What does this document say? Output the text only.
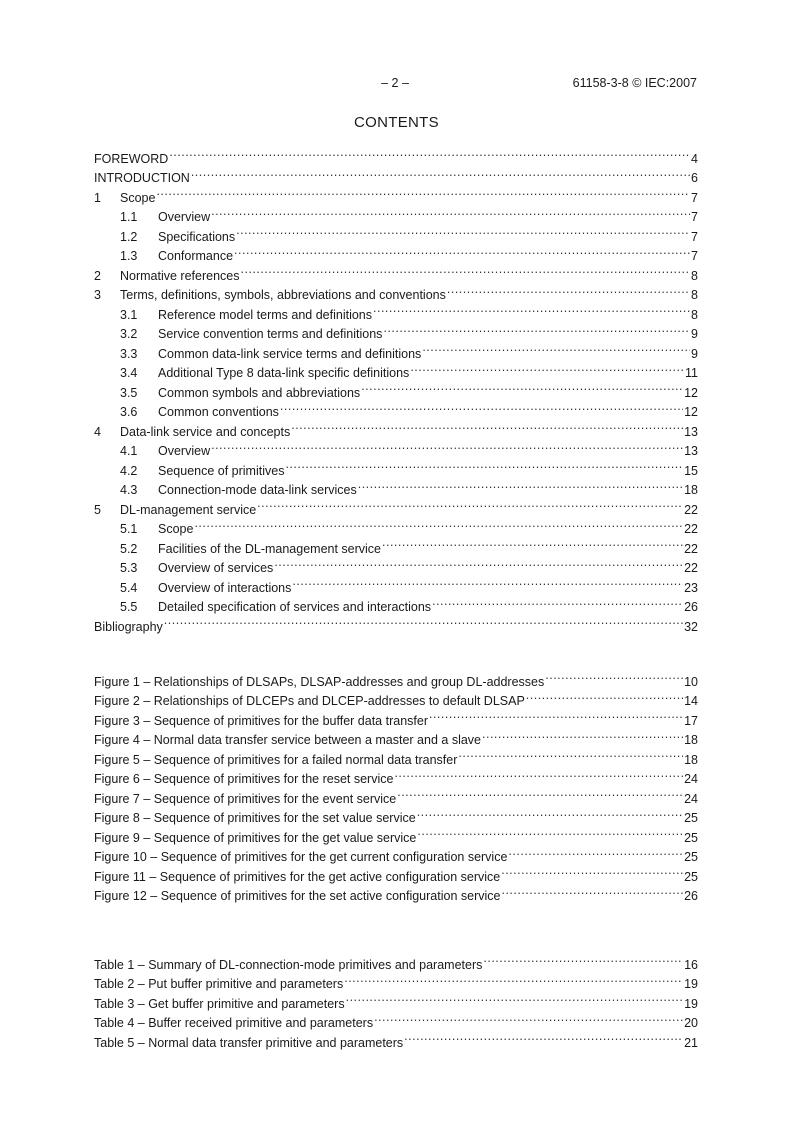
– 2 –	61158-3-8 © IEC:2007
CONTENTS
FOREWORD .....	4
INTRODUCTION .....	6
1	Scope .....	7
1.1	Overview .....	7
1.2	Specifications .....	7
1.3	Conformance .....	7
2	Normative references .....	8
3	Terms, definitions, symbols, abbreviations and conventions .....	8
3.1	Reference model terms and definitions .....	8
3.2	Service convention terms and definitions .....	9
3.3	Common data-link service terms and definitions .....	9
3.4	Additional Type 8 data-link specific definitions .....	11
3.5	Common symbols and abbreviations .....	12
3.6	Common conventions .....	12
4	Data-link service and concepts .....	13
4.1	Overview .....	13
4.2	Sequence of primitives .....	15
4.3	Connection-mode data-link services .....	18
5	DL-management service .....	22
5.1	Scope .....	22
5.2	Facilities of the DL-management service .....	22
5.3	Overview of services .....	22
5.4	Overview of interactions .....	23
5.5	Detailed specification of services and interactions .....	26
Bibliography .....	32
Figure 1 – Relationships of DLSAPs, DLSAP-addresses and group DL-addresses .....	10
Figure 2 – Relationships of DLCEPs and DLCEP-addresses to default DLSAP .....	14
Figure 3 – Sequence of primitives for the buffer data transfer .....	17
Figure 4 – Normal data transfer service between a master and a slave .....	18
Figure 5 – Sequence of primitives for a failed normal data transfer .....	18
Figure 6 – Sequence of primitives for the reset service .....	24
Figure 7 – Sequence of primitives for the event service .....	24
Figure 8 – Sequence of primitives for the set value service .....	25
Figure 9 – Sequence of primitives for the get value service .....	25
Figure 10 – Sequence of primitives for the get current configuration service .....	25
Figure 11 – Sequence of primitives for the get active configuration service .....	25
Figure 12 – Sequence of primitives for the set active configuration service .....	26
Table 1 – Summary of DL-connection-mode primitives and parameters .....	16
Table 2 – Put buffer primitive and parameters .....	19
Table 3 – Get buffer primitive and parameters .....	19
Table 4 – Buffer received primitive and parameters .....	20
Table 5 – Normal data transfer primitive and parameters .....	21
